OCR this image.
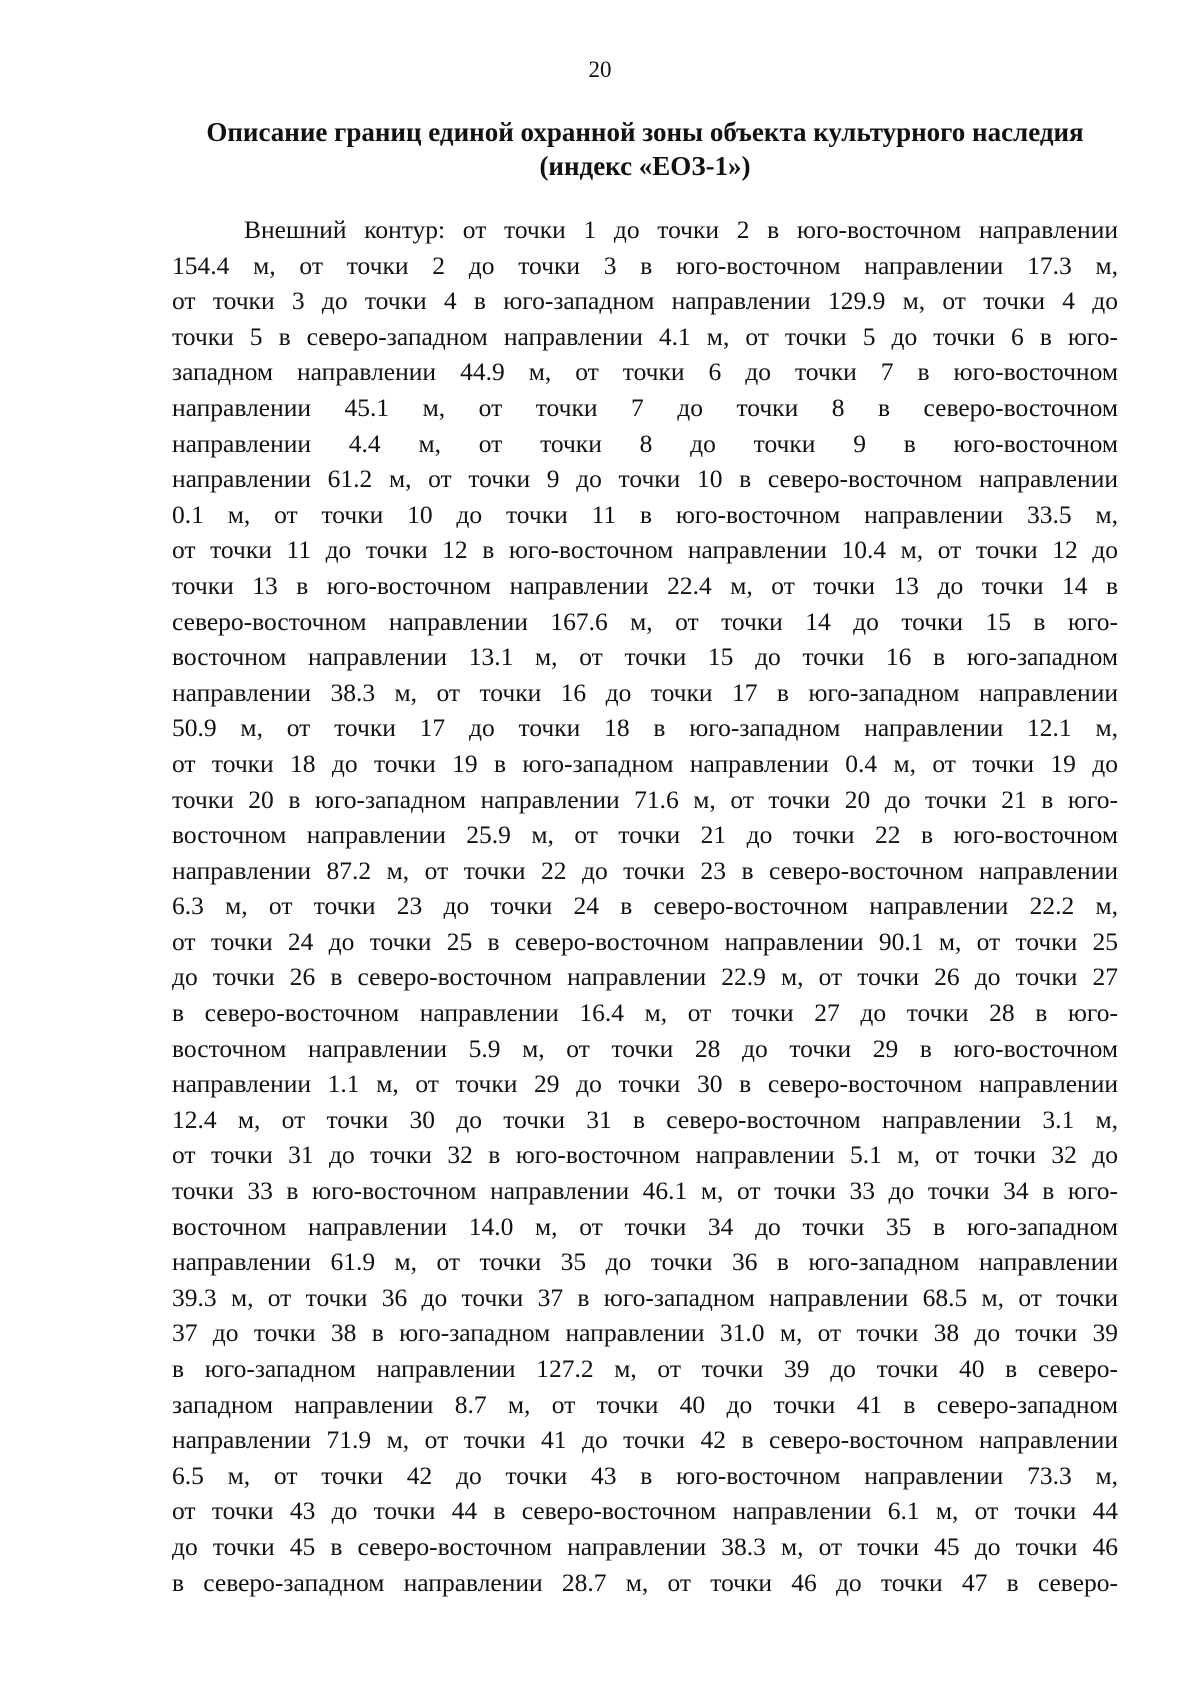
20
Описание границ единой охранной зоны объекта культурного наследия
(индекс «ЕОЗ-1»)
Внешний контур: от точки 1 до точки 2 в юго-восточном направлении
154.4 м, от точки 2 до точки 3 в юго-восточном направлении 17.3 м,
от точки 3 до точки 4 в юго-западном направлении 129.9 м, от точки 4 до
точки 5 в северо-западном направлении 4.1 м, от точки 5 до точки 6 в юго-
западном направлении 44.9 м, от точки 6 до точки 7 в юго-восточном
направлении 45.1 м, от точки 7 до точки 8 в северо-восточном
направлении 4.4 м, от точки 8 до точки 9 в юго-восточном
направлении 61.2 м, от точки 9 до точки 10 в северо-восточном направлении
0.1 м, от точки 10 до точки 11 в юго-восточном направлении 33.5 м,
от точки 11 до точки 12 в юго-восточном направлении 10.4 м, от точки 12 до
точки 13 в юго-восточном направлении 22.4 м, от точки 13 до точки 14 в
северо-восточном направлении 167.6 м, от точки 14 до точки 15 в юго-
восточном направлении 13.1 м, от точки 15 до точки 16 в юго-западном
направлении 38.3 м, от точки 16 до точки 17 в юго-западном направлении
50.9 м, от точки 17 до точки 18 в юго-западном направлении 12.1 м,
от точки 18 до точки 19 в юго-западном направлении 0.4 м, от точки 19 до
точки 20 в юго-западном направлении 71.6 м, от точки 20 до точки 21 в юго-
восточном направлении 25.9 м, от точки 21 до точки 22 в юго-восточном
направлении 87.2 м, от точки 22 до точки 23 в северо-восточном направлении
6.3 м, от точки 23 до точки 24 в северо-восточном направлении 22.2 м,
от точки 24 до точки 25 в северо-восточном направлении 90.1 м, от точки 25
до точки 26 в северо-восточном направлении 22.9 м, от точки 26 до точки 27
в северо-восточном направлении 16.4 м, от точки 27 до точки 28 в юго-
восточном направлении 5.9 м, от точки 28 до точки 29 в юго-восточном
направлении 1.1 м, от точки 29 до точки 30 в северо-восточном направлении
12.4 м, от точки 30 до точки 31 в северо-восточном направлении 3.1 м,
от точки 31 до точки 32 в юго-восточном направлении 5.1 м, от точки 32 до
точки 33 в юго-восточном направлении 46.1 м, от точки 33 до точки 34 в юго-
восточном направлении 14.0 м, от точки 34 до точки 35 в юго-западном
направлении 61.9 м, от точки 35 до точки 36 в юго-западном направлении
39.3 м, от точки 36 до точки 37 в юго-западном направлении 68.5 м, от точки
37 до точки 38 в юго-западном направлении 31.0 м, от точки 38 до точки 39
в юго-западном направлении 127.2 м, от точки 39 до точки 40 в северо-
западном направлении 8.7 м, от точки 40 до точки 41 в северо-западном
направлении 71.9 м, от точки 41 до точки 42 в северо-восточном направлении
6.5 м, от точки 42 до точки 43 в юго-восточном направлении 73.3 м,
от точки 43 до точки 44 в северо-восточном направлении 6.1 м, от точки 44
до точки 45 в северо-восточном направлении 38.3 м, от точки 45 до точки 46
в северо-западном направлении 28.7 м, от точки 46 до точки 47 в северо-
